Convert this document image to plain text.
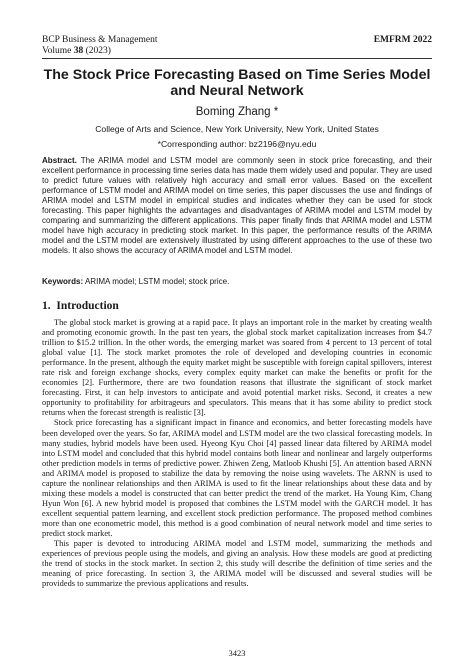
BCP Business & Management
Volume 38 (2023)
EMFRM 2022
The Stock Price Forecasting Based on Time Series Model and Neural Network
Boming Zhang *
College of Arts and Science, New York University, New York, United States
*Corresponding author: bz2196@nyu.edu

Abstract. The ARIMA model and LSTM model are commonly seen in stock price forecasting, and their excellent performance in processing time series data has made them widely used and popular. They are used to predict future values with relatively high accuracy and small error values. Based on the excellent performance of LSTM model and ARIMA model on time series, this paper discusses the use and findings of ARIMA model and LSTM model in empirical studies and indicates whether they can be used for stock forecasting. This paper highlights the advantages and disadvantages of ARIMA model and LSTM model by comparing and summarizing the different applications. This paper finally finds that ARIMA model and LSTM model have high accuracy in predicting stock market. In this paper, the performance results of the ARIMA model and the LSTM model are extensively illustrated by using different approaches to the use of these two models. It also shows the accuracy of ARIMA model and LSTM model.

Keywords: ARIMA model; LSTM model; stock price.

1. Introduction

The global stock market is growing at a rapid pace. It plays an important role in the market by creating wealth and promoting economic growth. In the past ten years, the global stock market capitalization increases from $4.7 trillion to $15.2 trillion. In the other words, the emerging market was soared from 4 percent to 13 percent of total global value [1]. The stock market promotes the role of developed and developing countries in economic performance. In the present, although the equity market might be susceptible with foreign capital spillovers, interest rate risk and foreign exchange shocks, every complex equity market can make the benefits or profit for the economies [2]. Furthermore, there are two foundation reasons that illustrate the significant of stock market forecasting. First, it can help investors to anticipate and avoid potential market risks. Second, it creates a new opportunity to profitability for arbitrageurs and speculators. This means that it has some ability to predict stock returns when the forecast strength is realistic [3].

Stock price forecasting has a significant impact in finance and economics, and better forecasting models have been developed over the years. So far, ARIMA model and LSTM model are the two classical forecasting models. In many studies, hybrid models have been used. Hyeong Kyu Choi [4] passed linear data filtered by ARIMA model into LSTM model and concluded that this hybrid model contains both linear and nonlinear and largely outperforms other prediction models in terms of predictive power. Zhiwen Zeng, Matloob Khushi [5]. An attention based ARNN and ARIMA model is proposed to stabilize the data by removing the noise using wavelets. The ARNN is used to capture the nonlinear relationships and then ARIMA is used to fit the linear relationships about these data and by mixing these models a model is constructed that can better predict the trend of the market. Ha Young Kim, Chang Hyun Won [6]. A new hybrid model is proposed that combines the LSTM model with the GARCH model. It has excellent sequential pattern learning, and excellent stock prediction performance. The proposed method combines more than one econometric model, this method is a good combination of neural network model and time series to predict stock market.

This paper is devoted to introducing ARIMA model and LSTM model, summarizing the methods and experiences of previous people using the models, and giving an analysis. How these models are good at predicting the trend of stocks in the stock market. In section 2, this study will describe the definition of time series and the meaning of price forecasting. In section 3, the ARIMA model will be discussed and several studies will be provideds to summarize the previous applications and results.

3423
